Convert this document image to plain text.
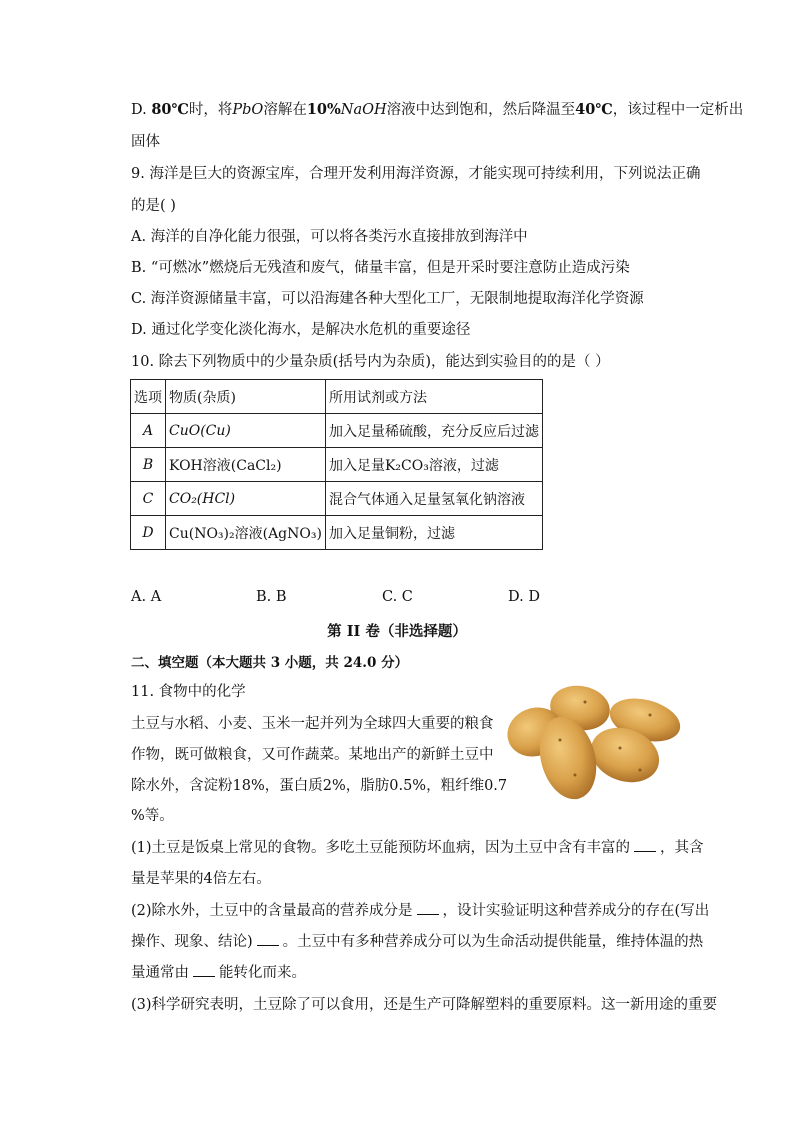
D. 80℃时，将PbO溶解在10%NaOH溶液中达到饱和，然后降温至40℃，该过程中一定析出
固体
9. 海洋是巨大的资源宝库，合理开发利用海洋资源，才能实现可持续利用，下列说法正确
的是( )
A. 海洋的自净化能力很强，可以将各类污水直接排放到海洋中
B. “可燃冰”燃烧后无残渣和废气，储量丰富，但是开采时要注意防止造成污染
C. 海洋资源储量丰富，可以沿海建各种大型化工厂，无限制地提取海洋化学资源
D. 通过化学变化淡化海水，是解决水危机的重要途径
10. 除去下列物质中的少量杂质(括号内为杂质)，能达到实验目的的是（ ）
选项	物质(杂质)	所用试剂或方法
A	CuO(Cu)	加入足量稀硫酸，充分反应后过滤
B	KOH溶液(CaCl₂)	加入足量K₂CO₃溶液，过滤
C	CO₂(HCl)	混合气体通入足量氢氧化钠溶液
D	Cu(NO₃)₂溶液(AgNO₃)	加入足量铜粉，过滤
A. A	B. B	C. C	D. D
第 II 卷（非选择题）
二、填空题（本大题共 3 小题，共 24.0 分）
11. 食物中的化学
土豆与水稻、小麦、玉米一起并列为全球四大重要的粮食
作物，既可做粮食，又可作蔬菜。某地出产的新鲜土豆中
除水外，含淀粉18%，蛋白质2%，脂肪0.5%，粗纤维0.7
%等。
(1)土豆是饭桌上常见的食物。多吃土豆能预防坏血病，因为土豆中含有丰富的 ，其含
量是苹果的4倍左右。
(2)除水外，土豆中的含量最高的营养成分是 ，设计实验证明这种营养成分的存在(写出
操作、现象、结论) 。土豆中有多种营养成分可以为生命活动提供能量，维持体温的热
量通常由 能转化而来。
(3)科学研究表明，土豆除了可以食用，还是生产可降解塑料的重要原料。这一新用途的重要
